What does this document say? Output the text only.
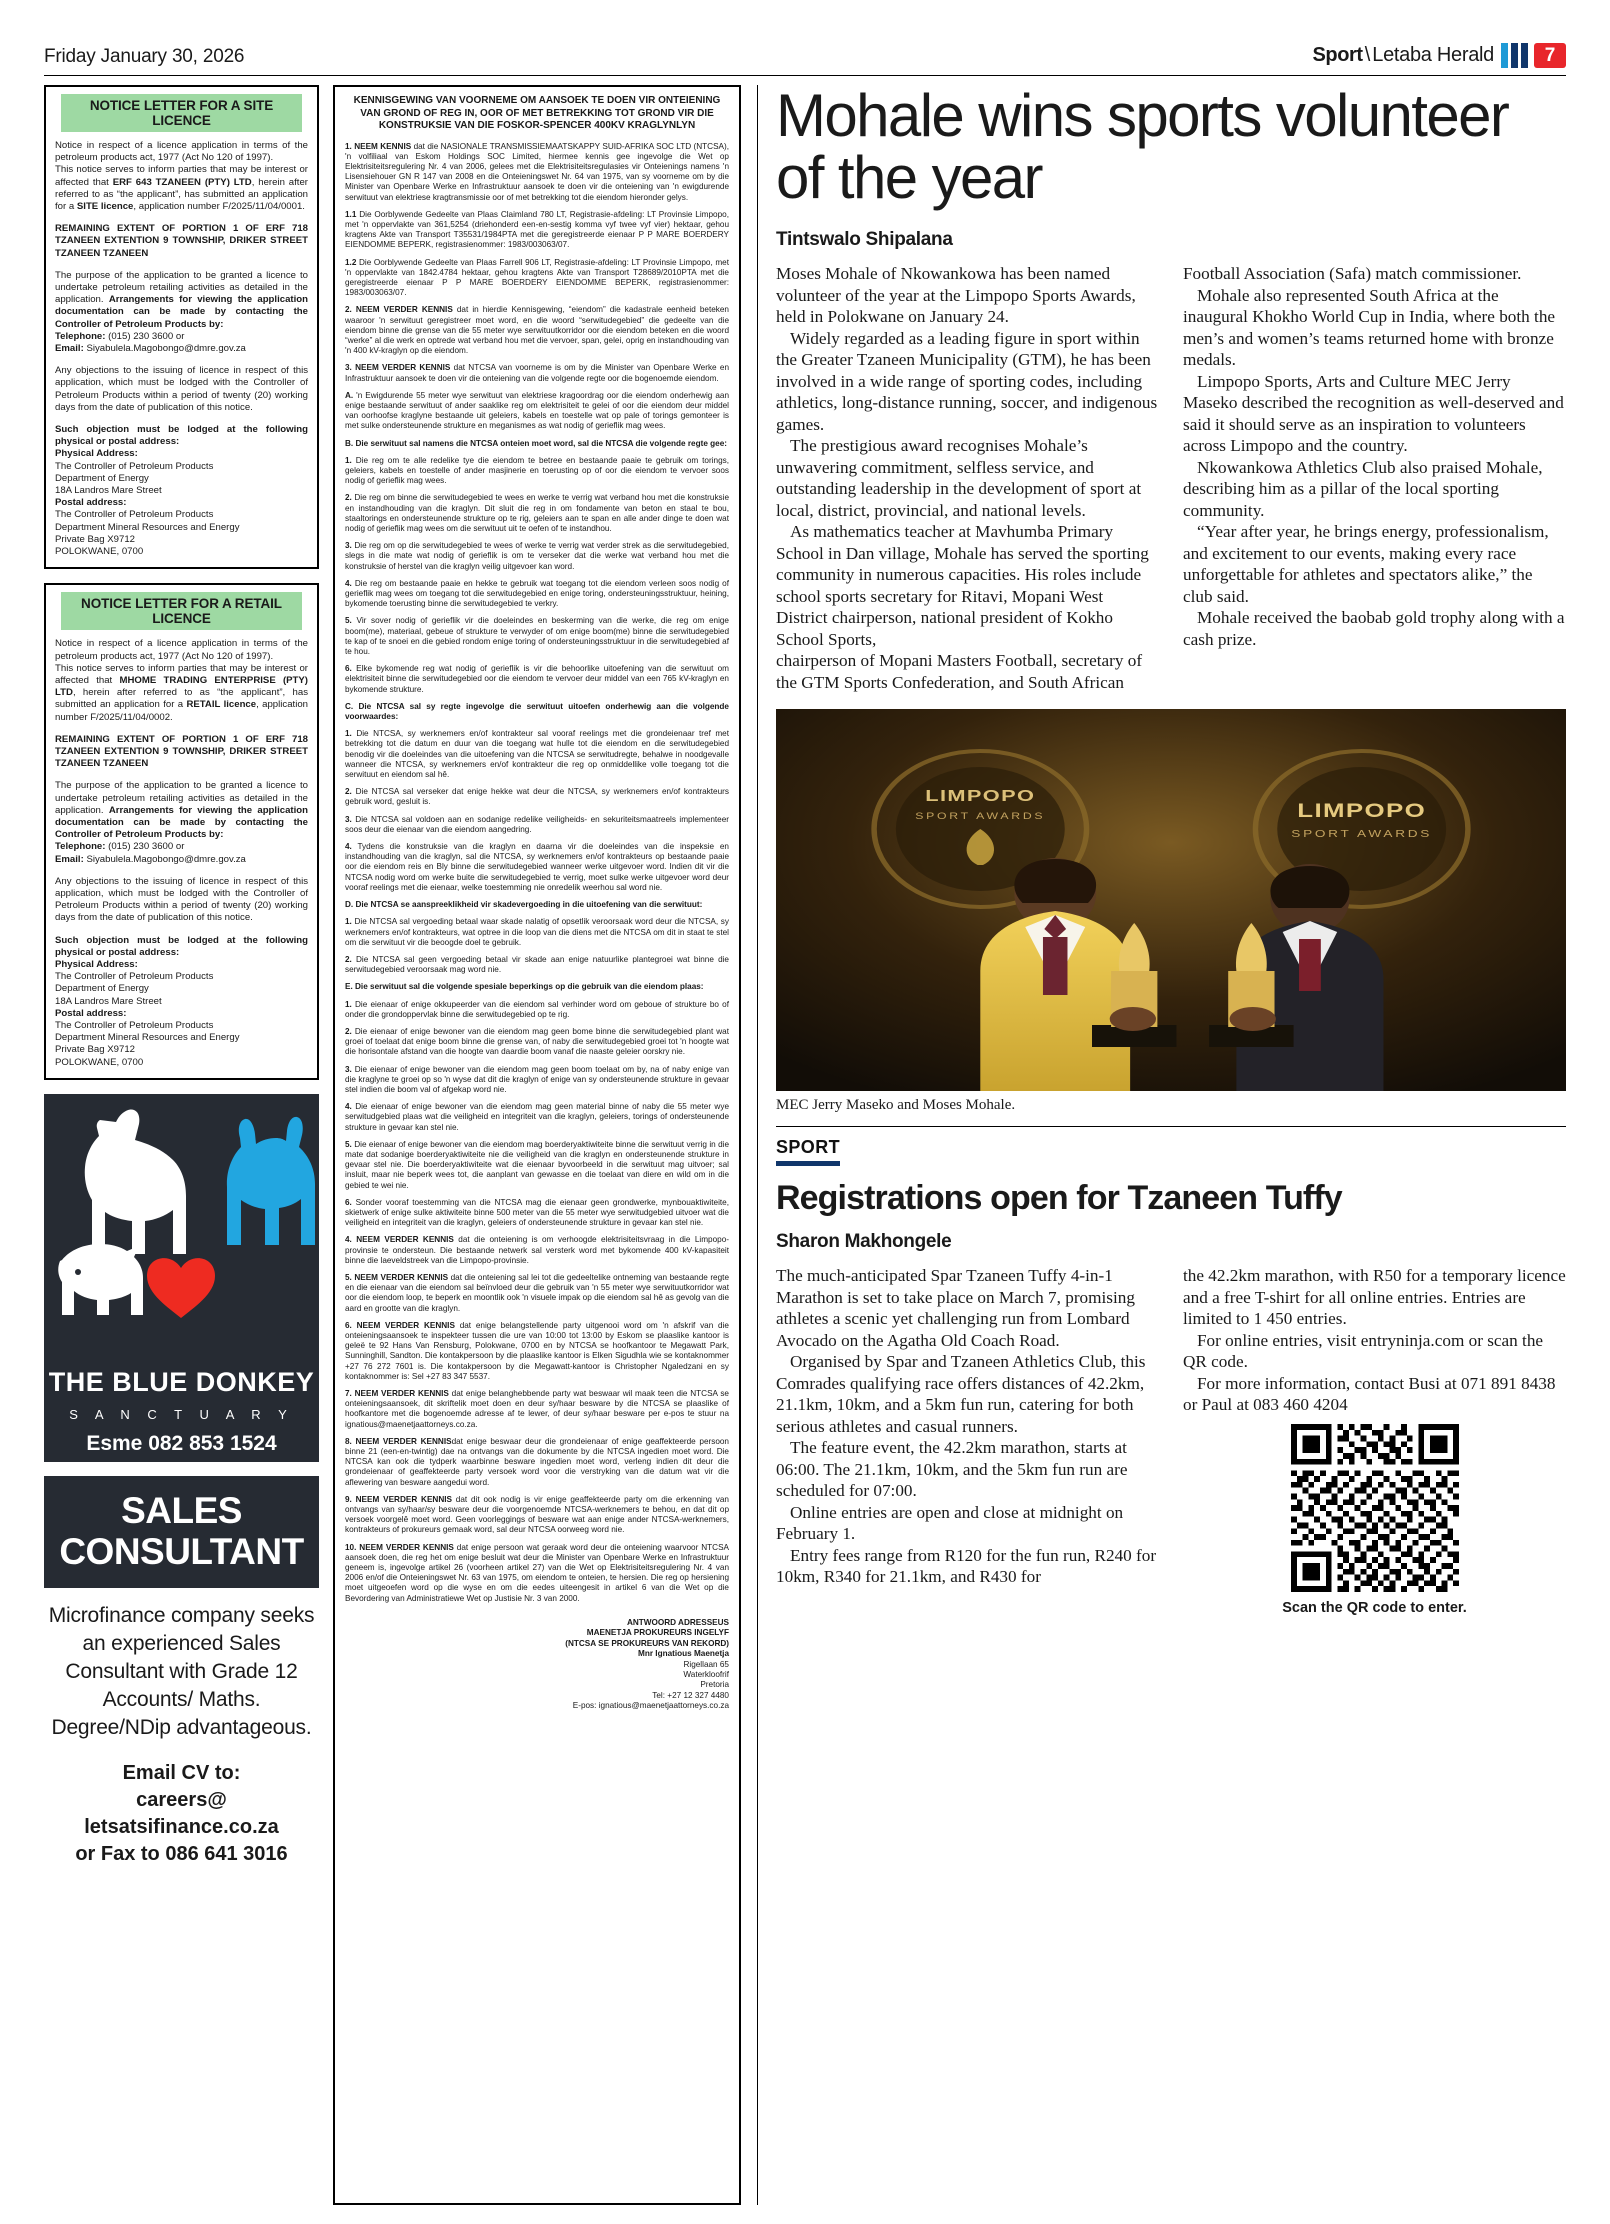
Friday January 30, 2026	Sport \ Letaba Herald	7
NOTICE LETTER FOR A SITE LICENCE

Notice in respect of a licence application in terms of the petroleum products act, 1977 (Act No 120 of 1997).

This notice serves to inform parties that may be interest or affected that ERF 643 TZANEEN (PTY) LTD, herein after referred to as “the applicant”, has submitted an application for a SITE licence, application number F/2025/11/04/0001.

REMAINING EXTENT OF PORTION 1 OF ERF 718 TZANEEN EXTENTION 9 TOWNSHIP, DRIKER STREET TZANEEN TZANEEN

The purpose of the application to be granted a licence to undertake petroleum retailing activities as detailed in the application. Arrangements for viewing the application documentation can be made by contacting the Controller of Petroleum Products by:

Telephone: (015) 230 3600 or

Email: Siyabulela.Magobongo@dmre.gov.za

Any objections to the issuing of licence in respect of this application, which must be lodged with the Controller of Petroleum Products within a period of twenty (20) working days from the date of publication of this notice.

Such objection must be lodged at the following physical or postal address:

Physical Address:
The Controller of Petroleum Products
Department of Energy
18A Landros Mare Street
Postal address:
The Controller of Petroleum Products
Department Mineral Resources and Energy
Private Bag X9712
POLOKWANE, 0700
NOTICE LETTER FOR A RETAIL LICENCE

Notice in respect of a licence application in terms of the petroleum products act, 1977 (Act No 120 of 1997).

This notice serves to inform parties that may be interest or affected that MHOME TRADING ENTERPRISE (PTY) LTD, herein after referred to as “the applicant”, has submitted an application for a RETAIL licence, application number F/2025/11/04/0002.

REMAINING EXTENT OF PORTION 1 OF ERF 718 TZANEEN EXTENTION 9 TOWNSHIP, DRIKER STREET TZANEEN TZANEEN

The purpose of the application to be granted a licence to undertake petroleum retailing activities as detailed in the application. Arrangements for viewing the application documentation can be made by contacting the Controller of Petroleum Products by:

Telephone: (015) 230 3600 or

Email: Siyabulela.Magobongo@dmre.gov.za

Any objections to the issuing of licence in respect of this application, which must be lodged with the Controller of Petroleum Products within a period of twenty (20) working days from the date of publication of this notice.

Such objection must be lodged at the following physical or postal address:

Physical Address:
The Controller of Petroleum Products
Department of Energy
18A Landros Mare Street
Postal address:
The Controller of Petroleum Products
Department Mineral Resources and Energy
Private Bag X9712
POLOKWANE, 0700
THE BLUE DONKEY
S A N C T U A R Y
Esme 082 853 1524
SALES
CONSULTANT
Microfinance company seeks an experienced Sales Consultant with Grade 12 Accounts/ Maths. Degree/NDip advantageous.
Email CV to:
careers@
letsatsifinance.co.za
or Fax to 086 641 3016
KENNISGEWING VAN VOORNEME OM AANSOEK TE DOEN VIR ONTEIENING VAN GROND OF REG IN, OOR OF MET BETREKKING TOT GROND VIR DIE KONSTRUKSIE VAN DIE FOSKOR-SPENCER 400KV KRAGLYNLYN

1. NEEM KENNIS dat die NASIONALE TRANSMISSIEMAATSKAPPY SUID-AFRIKA SOC LTD (NTCSA), 'n volfiliaal van Eskom Holdings SOC Limited, hiermee kennis gee ingevolge die Wet op Elektrisiteitsregulering Nr. 4 van 2006, gelees met die Elektrisiteitsregulasies vir Onteienings namens 'n Lisensiehouer GN R 147 van 2008 en die Onteieningswet Nr. 64 van 1975, van sy voorneme om by die Minister van Openbare Werke en Infrastruktuur aansoek te doen vir die onteiening van 'n ewigdurende serwituut van elektriese kragtransmissie oor of met betrekking tot die eiendom hieronder gelys.

1.1 Die Oorblywende Gedeelte van Plaas Claimland 780 LT, Registrasie-afdeling: LT Provinsie Limpopo, met 'n oppervlakte van 361,5254 (driehonderd een-en-sestig komma vyf twee vyf vier) hektaar, gehou kragtens Akte van Transport T35531/1984PTA met die geregistreerde eienaar P P MARE BOERDERY EIENDOMME BEPERK, registrasienommer: 1983/003063/07.

1.2 Die Oorblywende Gedeelte van Plaas Farrell 906 LT, Registrasie-afdeling: LT Provinsie Limpopo, met 'n oppervlakte van 1842.4784 hektaar, gehou kragtens Akte van Transport T28689/2010PTA met die geregistreerde eienaar P P MARE BOERDERY EIENDOMME BEPERK, registrasienommer: 1983/003063/07.

2. NEEM VERDER KENNIS dat in hierdie Kennisgewing, “eiendom” die kadastrale eenheid beteken waaroor 'n serwituut geregistreer moet word, en die woord “serwitudegebied” die gedeelte van die eiendom binne die grense van die 55 meter wye serwituutkorridor oor die eiendom beteken en die woord “werke” al die werk en optrede wat verband hou met die vervoer, span, gelei, oprig en instandhouding van 'n 400 kV-kraglyn op die eiendom.

3. NEEM VERDER KENNIS dat NTCSA van voorneme is om by die Minister van Openbare Werke en Infrastruktuur aansoek te doen vir die onteiening van die volgende regte oor die bogenoemde eiendom.

A. 'n Ewigdurende 55 meter wye serwituut van elektriese kragoordrag oor die eiendom onderhewig aan enige bestaande serwituut of ander saaklike reg om elektrisiteit te gelei of oor die eiendom deur middel van oorhoofse kraglyne bestaande uit geleiers, kabels en toestelle wat op pale of torings gemonteer is met sulke ondersteunende strukture en meganismes as wat nodig of gerieflik mag wees.

B. Die serwituut sal namens die NTCSA onteien moet word, sal die NTCSA die volgende regte gee:

1. Die reg om te alle redelike tye die eiendom te betree en bestaande paaie te gebruik om torings, geleiers, kabels en toestelle of ander masjinerie en toerusting op of oor die eiendom te vervoer soos nodig of gerieflik mag wees.

2. Die reg om binne die serwitudegebied te wees en werke te verrig wat verband hou met die konstruksie en instandhouding van die kraglyn. Dit sluit die reg in om fondamente van beton en staal te bou, staaltorings en ondersteunende strukture op te rig, geleiers aan te span en alle ander dinge te doen wat nodig of gerieflik mag wees om die serwituut uit te oefen of te instandhou.

3. Die reg om op die serwitudegebied te wees of werke te verrig wat verder strek as die serwitudegebied, slegs in die mate wat nodig of gerieflik is om te verseker dat die werke wat verband hou met die konstruksie of herstel van die kraglyn veilig uitgevoer kan word.

4. Die reg om bestaande paaie en hekke te gebruik wat toegang tot die eiendom verleen soos nodig of gerieflik mag wees om toegang tot die serwitudegebied en enige toring, ondersteuningsstruktuur, heining, bykomende toerusting binne die serwitudegebied te verkry.

5. Vir sover nodig of gerieflik vir die doeleindes en beskerming van die werke, die reg om enige boom(me), materiaal, gebeue of strukture te verwyder of om enige boom(me) binne die serwitudegebied te kap of te snoei en die gebied rondom enige toring of ondersteuningsstruktuur in die serwitudegebied af te hou.

6. Elke bykomende reg wat nodig of gerieflik is vir die behoorlike uitoefening van die serwituut om elektrisiteit binne die serwitudegebied oor die eiendom te vervoer deur middel van een 765 kV-kraglyn en bykomende strukture.

C. Die NTCSA sal sy regte ingevolge die serwituut uitoefen onderhewig aan die volgende voorwaardes:

1. Die NTCSA, sy werknemers en/of kontrakteur sal vooraf reelings met die grondeienaar tref met betrekking tot die datum en duur van die toegang wat hulle tot die eiendom en die serwitudegebied benodig vir die doeleindes van die uitoefening van die NTCSA se serwitudregte, behalwe in noodgevalle wanneer die NTCSA, sy werknemers en/of kontrakteur die reg op onmiddellike volle toegang tot die serwituut en eiendom sal hê.

2. Die NTCSA sal verseker dat enige hekke wat deur die NTCSA, sy werknemers en/of kontrakteurs gebruik word, gesluit is.

3. Die NTCSA sal voldoen aan en sodanige redelike veiligheids- en sekuriteitsmaatreels implementeer soos deur die eienaar van die eiendom aangedring.

4. Tydens die konstruksie van die kraglyn en daarna vir die doeleindes van die inspeksie en instandhouding van die kraglyn, sal die NTCSA, sy werknemers en/of kontrakteurs op bestaande paaie oor die eiendom reis en Bly binne die serwitudegebied wanneer werke uitgevoer word. Indien dit vir die NTCSA nodig word om werke buite die serwitudegebied te verrig, moet sulke werke uitgevoer word deur vooraf reelings met die eienaar, welke toestemming nie onredelik weerhou sal word nie.

D. Die NTCSA se aanspreeklikheid vir skadevergoeding in die uitoefening van die serwituut:

1. Die NTCSA sal vergoeding betaal waar skade nalatig of opsetlik veroorsaak word deur die NTCSA, sy werknemers en/of kontrakteurs, wat optree in die loop van die diens met die NTCSA om dit in staat te stel om die serwituut vir die beoogde doel te gebruik.

2. Die NTCSA sal geen vergoeding betaal vir skade aan enige natuurlike plantegroei wat binne die serwitudegebied veroorsaak mag word nie.

E. Die serwituut sal die volgende spesiale beperkings op die gebruik van die eiendom plaas:

1. Die eienaar of enige okkupeerder van die eiendom sal verhinder word om geboue of strukture bo of onder die grondoppervlak binne die serwitudegebied op te rig.

2. Die eienaar of enige bewoner van die eiendom mag geen bome binne die serwitudegebied plant wat groei of toelaat dat enige boom binne die grense van, of naby die serwitudegebied groei tot 'n hoogte wat die horisontale afstand van die hoogte van daardie boom vanaf die naaste geleier oorskry nie.

3. Die eienaar of enige bewoner van die eiendom mag geen boom toelaat om by, na of naby enige van die kraglyne te groei op so 'n wyse dat dit die kraglyn of enige van sy ondersteunende strukture in gevaar stel indien die boom val of afgekap word nie.

4. Die eienaar of enige bewoner van die eiendom mag geen material binne of naby die 55 meter wye serwitudgebied plaas wat die veiligheid en integriteit van die kraglyn, geleiers, torings of ondersteunende strukture in gevaar kan stel nie.

5. Die eienaar of enige bewoner van die eiendom mag boerderyaktiwiteite binne die serwituut verrig in die mate dat sodanige boerderyaktiwiteite nie die veiligheid van die kraglyn en ondersteunende strukture in gevaar stel nie. Die boerderyaktiwiteite wat die eienaar byvoorbeeld in die serwituut mag uitvoer; sal insluit, maar nie beperk wees tot, die aanplant van gewasse en die toelaat van diere en wild om in die gebied te wei nie.

6. Sonder vooraf toestemming van die NTCSA mag die eienaar geen grondwerke, mynbouaktiwiteite, skietwerk of enige sulke aktiwiteite binne 500 meter van die 55 meter wye serwitudgebied uitvoer wat die veiligheid en integriteit van die kraglyn, geleiers of ondersteunende strukture in gevaar kan stel nie.

4. NEEM VERDER KENNIS dat die onteiening is om verhoogde elektrisiteitsvraag in die Limpopo-provinsie te ondersteun. Die bestaande netwerk sal versterk word met bykomende 400 kV-kapasiteit binne die laeveldstreek van die Limpopo-provinsie.

5. NEEM VERDER KENNIS dat die onteiening sal lei tot die gedeeltelike ontneming van bestaande regte en die eienaar van die eiendom sal beïnvloed deur die gebruik van 'n 55 meter wye serwituutkorridor wat oor die eiendom loop, te beperk en moontlik ook 'n visuele impak op die eiendom sal hê as gevolg van die aard en grootte van die kraglyn.

6. NEEM VERDER KENNIS dat enige belangstellende party uitgenooi word om 'n afskrif van die onteieningsaansoek te inspekteer tussen die ure van 10:00 tot 13:00 by Eskom se plaaslike kantoor is geleë te 92 Hans Van Rensburg, Polokwane, 0700 en by NTCSA se hoofkantoor te Megawatt Park, Sunninghill, Sandton. Die kontakpersoon by die plaaslike kantoor is Elken Sigudhla wie se kontaknommer +27 76 272 7601 is. Die kontakpersoon by die Megawatt-kantoor is Christopher Ngaledzani en sy kontaknommer is: Sel +27 83 347 5537.

7. NEEM VERDER KENNIS dat enige belanghebbende party wat beswaar wil maak teen die NTCSA se onteieningsaansoek, dit skriftelik moet doen en deur sy/haar besware by die NTCSA se plaaslike of hoofkantore met die bogenoemde adresse af te lewer, of deur sy/haar besware per e-pos te stuur na ignatious@maenetjaattorneys.co.za.

8. NEEM VERDER KENNISdat enige beswaar deur die grondeienaar of enige geaffekteerde persoon binne 21 (een-en-twintig) dae na ontvangs van die dokumente by die NTCSA ingedien moet word. Die NTCSA kan ook die tydperk waarbinne besware ingedien moet word, verleng indien dit deur die grondeienaar of geaffekteerde party versoek word voor die verstryking van die datum wat vir die aflewering van besware aangedui word.

9. NEEM VERDER KENNIS dat dit ook nodig is vir enige geaffekteerde party om die erkenning van ontvangs van sy/haar/sy besware deur die voorgenoemde NTCSA-werknemers te behou, en dat dit op versoek voorgelê moet word. Geen voorleggings of besware wat aan enige ander NTCSA-werknemers, kontrakteurs of prokureurs gemaak word, sal deur NTCSA oorweeg word nie.

10. NEEM VERDER KENNIS dat enige persoon wat geraak word deur die onteiening waarvoor NTCSA aansoek doen, die reg het om enige besluit wat deur die Minister van Openbare Werke en Infrastruktuur geneem is, ingevolge artikel 26 (voorheen artikel 27) van die Wet op Elektrisiteitsregulering Nr. 4 van 2006 en/of die Onteieningswet Nr. 63 van 1975, om eiendom te onteien, te hersien. Die reg op hersiening moet uitgeoefen word op die wyse en om die eedes uiteengesit in artikel 6 van die Wet op die Bevordering van Administratiewe Wet op Justisie Nr. 3 van 2000.

ANTWOORD ADRESSEUS
MAENETJA PROKUREURS INGELYF
(NTCSA SE PROKUREURS VAN REKORD)
Mnr Ignatious Maenetja
Rigellaan 65
Waterkloofrif
Pretoria
Tel: +27 12 327 4480
E-pos: ignatious@maenetjaattorneys.co.za
Mohale wins sports volunteer of the year
Tintswalo Shipalana

Moses Mohale of Nkowankowa has been named volunteer of the year at the Limpopo Sports Awards, held in Polokwane on January 24.

Widely regarded as a leading figure in sport within the Greater Tzaneen Municipality (GTM), he has been involved in a wide range of sporting codes, including athletics, long-distance running, soccer, and indigenous games.

The prestigious award recognises Mohale’s unwavering commitment, selfless service, and outstanding leadership in the development of sport at local, district, provincial, and national levels.

As mathematics teacher at Mavhumba Primary School in Dan village, Mohale has served the sporting community in numerous capacities. His roles include school sports secretary for Ritavi, Mopani West District chairperson, national president of Kokho School Sports,

chairperson of Mopani Masters Football, secretary of the GTM Sports Confederation, and South African Football Association (Safa) match commissioner.

Mohale also represented South Africa at the inaugural Khokho World Cup in India, where both the men’s and women’s teams returned home with bronze medals.

Limpopo Sports, Arts and Culture MEC Jerry Maseko described the recognition as well-deserved and said it should serve as an inspiration to volunteers across Limpopo and the country.

Nkowankowa Athletics Club also praised Mohale, describing him as a pillar of the local sporting community.

“Year after year, he brings energy, professionalism, and excitement to our events, making every race unforgettable for athletes and spectators alike,” the club said.

Mohale received the baobab gold trophy along with a cash prize.

LIMPOPO
SPORT AWARDS	LIMPOPO
SPORT AWARDS
MEC Jerry Maseko and Moses Mohale.
SPORT
Registrations open for Tzaneen Tuffy
Sharon Makhongele

The much-anticipated Spar Tzaneen Tuffy 4-in-1 Marathon is set to take place on March 7, promising athletes a scenic yet challenging run from Lombard Avocado on the Agatha Old Coach Road.

Organised by Spar and Tzaneen Athletics Club, this Comrades qualifying race offers distances of 42.2km, 21.1km, 10km, and a 5km fun run, catering for both serious athletes and casual runners.

The feature event, the 42.2km marathon, starts at 06:00. The 21.1km, 10km, and the 5km fun run are scheduled for 07:00.

Online entries are open and close at midnight on February 1.

Entry fees range from R120 for the fun run, R240 for 10km, R340 for 21.1km, and R430 for

the 42.2km marathon, with R50 for a temporary licence and a free T-shirt for all online entries. Entries are limited to 1 450 entries.

For online entries, visit entryninja.com or scan the QR code.

For more information, contact Busi at 071 891 8438 or Paul at 083 460 4204

Scan the QR code to enter.
